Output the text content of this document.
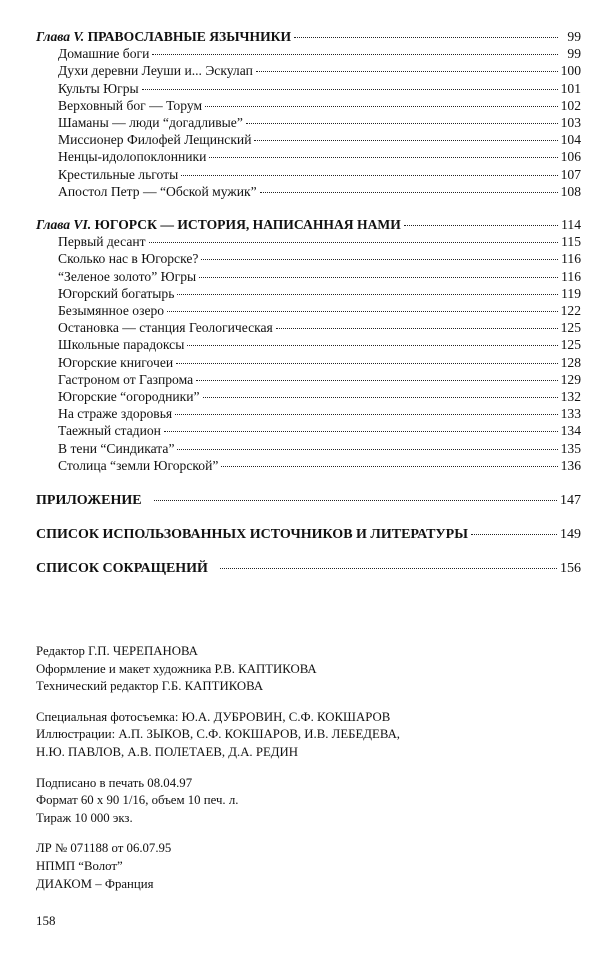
Глава V. ПРАВОСЛАВНЫЕ ЯЗЫЧНИКИ	99
Домашние боги	99
Духи деревни Леуши и... Эскулап	100
Культы Югры	101
Верховный бог — Торум	102
Шаманы — люди “догадливые”	103
Миссионер Филофей Лещинский	104
Ненцы-идолопоклонники	106
Крестильные льготы	107
Апостол Петр — “Обской мужик”	108
Глава VI. ЮГОРСК — ИСТОРИЯ, НАПИСАННАЯ НАМИ	114
Первый десант	115
Сколько нас в Югорске?	116
“Зеленое золото” Югры	116
Югорский богатырь	119
Безымянное озеро	122
Остановка — станция Геологическая	125
Школьные парадоксы	125
Югорские книгочеи	128
Гастроном от Газпрома	129
Югорские “огородники”	132
На страже здоровья	133
Таежный стадион	134
В тени “Синдиката”	135
Столица “земли Югорской”	136
ПРИЛОЖЕНИЕ	147
СПИСОК ИСПОЛЬЗОВАННЫХ ИСТОЧНИКОВ И ЛИТЕРАТУРЫ	149
СПИСОК СОКРАЩЕНИЙ	156
Редактор Г.П. ЧЕРЕПАНОВА
Оформление и макет художника Р.В. КАПТИКОВА
Технический редактор Г.Б. КАПТИКОВА
Специальная фотосъемка: Ю.А. ДУБРОВИН, С.Ф. КОКШАРОВ
Иллюстрации: А.П. ЗЫКОВ, С.Ф. КОКШАРОВ, И.В. ЛЕБЕДЕВА,
Н.Ю. ПАВЛОВ, А.В. ПОЛЕТАЕВ, Д.А. РЕДИН
Подписано в печать 08.04.97
Формат 60 х 90 1/16, объем 10 печ. л.
Тираж 10 000 экз.
ЛР № 071188 от 06.07.95
НПМП “Волот”
ДИАКОМ – Франция
158
